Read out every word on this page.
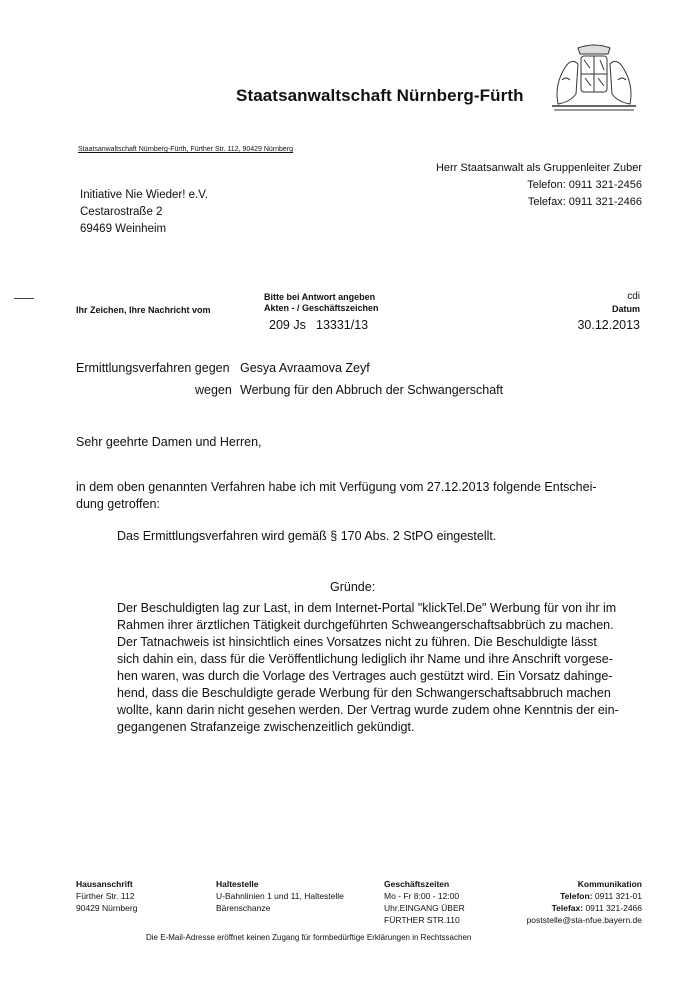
Staatsanwaltschaft Nürnberg-Fürth
Staatsanwaltschaft Nürnberg-Fürth, Fürther Str. 112, 90429 Nürnberg
Herr Staatsanwalt als Gruppenleiter Zuber
Telefon: 0911 321-2456
Telefax: 0911 321-2466
Initiative Nie Wieder! e.V.
Cestarostraße 2
69469 Weinheim
Ihr Zeichen, Ihre Nachricht vom
Bitte bei Antwort angeben
Akten - / Geschäftszeichen
209 Js 13331/13
cdi
Datum
30.12.2013
Ermittlungsverfahren gegen Gesya Avraamova Zeyf
wegen Werbung für den Abbruch der Schwangerschaft
Sehr geehrte Damen und Herren,
in dem oben genannten Verfahren habe ich mit Verfügung vom 27.12.2013 folgende Entschei-
dung getroffen:
Das Ermittlungsverfahren wird gemäß § 170 Abs. 2 StPO eingestellt.
Gründe:
Der Beschuldigten lag zur Last, in dem Internet-Portal "klickTel.De" Werbung für von ihr im
Rahmen ihrer ärztlichen Tätigkeit durchgeführten Schweangerschaftsabbrüch zu machen.
Der Tatnachweis ist hinsichtlich eines Vorsatzes nicht zu führen. Die Beschuldigte lässt
sich dahin ein, dass für die Veröffentlichung lediglich ihr Name und ihre Anschrift vorgese-
hen waren, was durch die Vorlage des Vertrages auch gestützt wird. Ein Vorsatz dahinge-
hend, dass die Beschuldigte gerade Werbung für den Schwangerschaftsabbruch machen
wollte, kann darin nicht gesehen werden. Der Vertrag wurde zudem ohne Kenntnis der ein-
gegangenen Strafanzeige zwischenzeitlich gekündigt.
Hausanschrift
Fürther Str. 112
90429 Nürnberg
Haltestelle
U-Bahnlinien 1 und 11, Haltestelle
Bärenschanze
Geschäftszeiten
Mo - Fr 8:00 - 12:00
Uhr.EINGANG ÜBER
FÜRTHER STR.110
Kommunikation
Telefon: 0911 321-01
Telefax: 0911 321-2466
poststelle@sta-nfue.bayern.de
Die E-Mail-Adresse eröffnet keinen Zugang für formbedürftige Erklärungen in Rechtssachen
